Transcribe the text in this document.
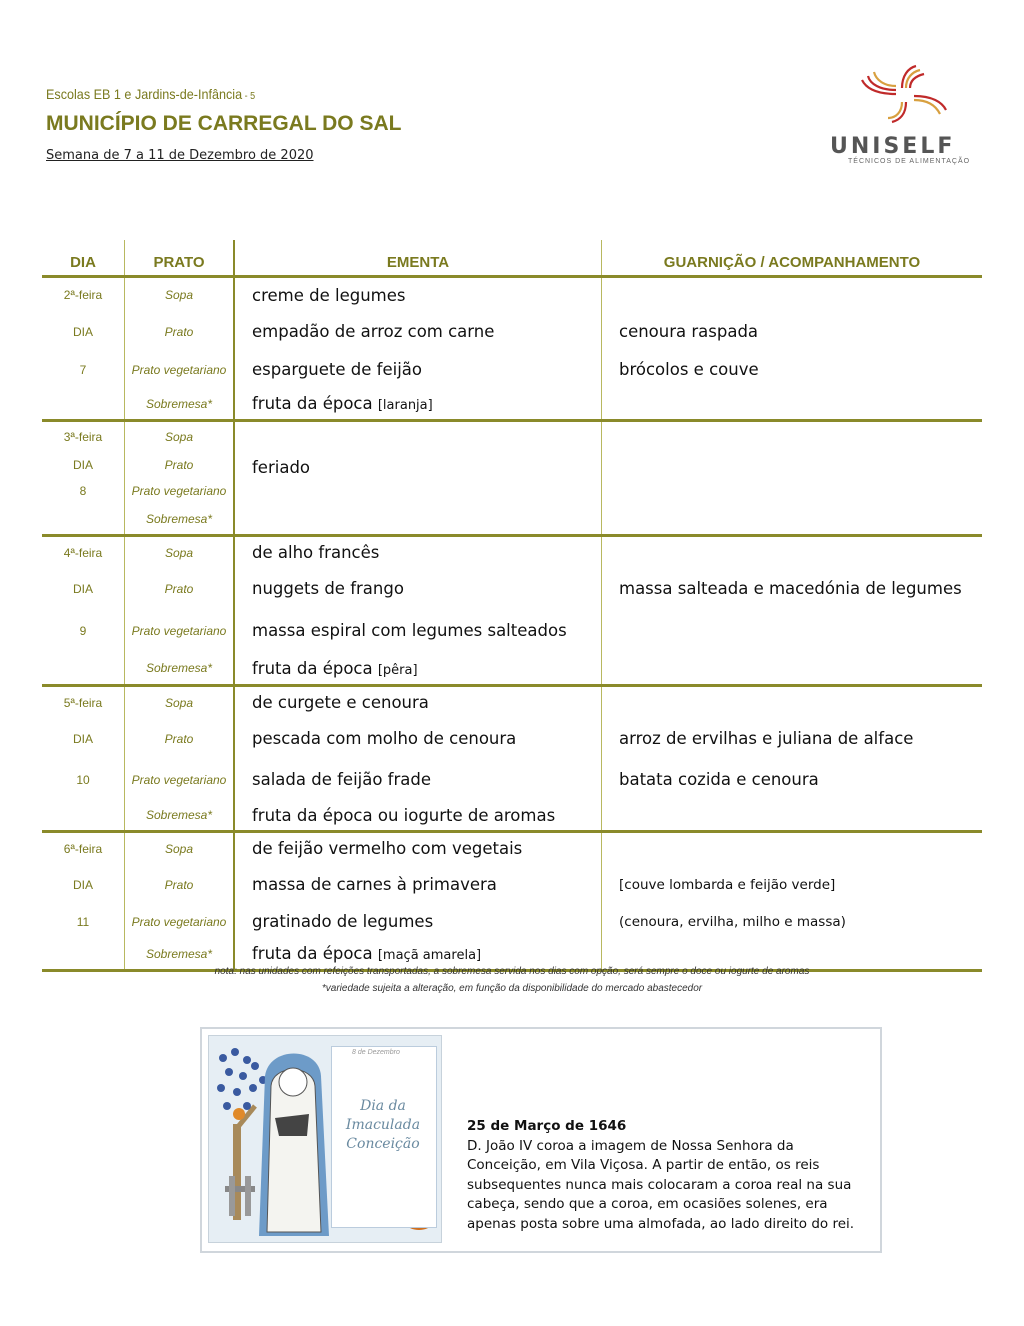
Escolas EB 1 e Jardins-de-Infância - 5
MUNICÍPIO DE CARREGAL DO SAL
Semana de 7 a 11 de Dezembro de 2020	UNISELF
TÉCNICOS DE ALIMENTAÇÃO
DIA	PRATO	EMENTA	GUARNIÇÃO / ACOMPANHAMENTO
2ª-feira	Sopa	creme de legumes	
DIA	Prato	empadão de arroz com carne	cenoura raspada
7	Prato vegetariano	esparguete de feijão	brócolos e couve
	Sobremesa*	fruta da época [laranja]	
3ª-feira	Sopa	feriado	
DIA	Prato		
8	Prato vegetariano		
	Sobremesa*		
4ª-feira	Sopa	de alho francês	
DIA	Prato	nuggets de frango	massa salteada e macedónia de legumes
9	Prato vegetariano	massa espiral com legumes salteados	
	Sobremesa*	fruta da época [pêra]	
5ª-feira	Sopa	de curgete e cenoura	
DIA	Prato	pescada com molho de cenoura	arroz de ervilhas e juliana de alface
10	Prato vegetariano	salada de feijão frade	batata cozida e cenoura
	Sobremesa*	fruta da época ou iogurte de aromas	
6ª-feira	Sopa	de feijão vermelho com vegetais	
DIA	Prato	massa de carnes à primavera	[couve lombarda e feijão verde]
11	Prato vegetariano	gratinado de legumes	(cenoura, ervilha, milho e massa)
	Sobremesa*	fruta da época [maçã amarela]	
nota: nas unidades com refeições transportadas, a sobremesa servida nos dias com opção, será sempre o doce ou iogurte de aromas
*variedade sujeita a alteração, em função da disponibilidade do mercado abastecedor
8 de Dezembro
Dia da Imaculada Conceição
25 de Março de 1646
D. João IV coroa a imagem de Nossa Senhora da Conceição, em Vila Viçosa. A partir de então, os reis subsequentes nunca mais colocaram a coroa real na sua cabeça, sendo que a coroa, em ocasiões solenes, era apenas posta sobre uma almofada, ao lado direito do rei.
